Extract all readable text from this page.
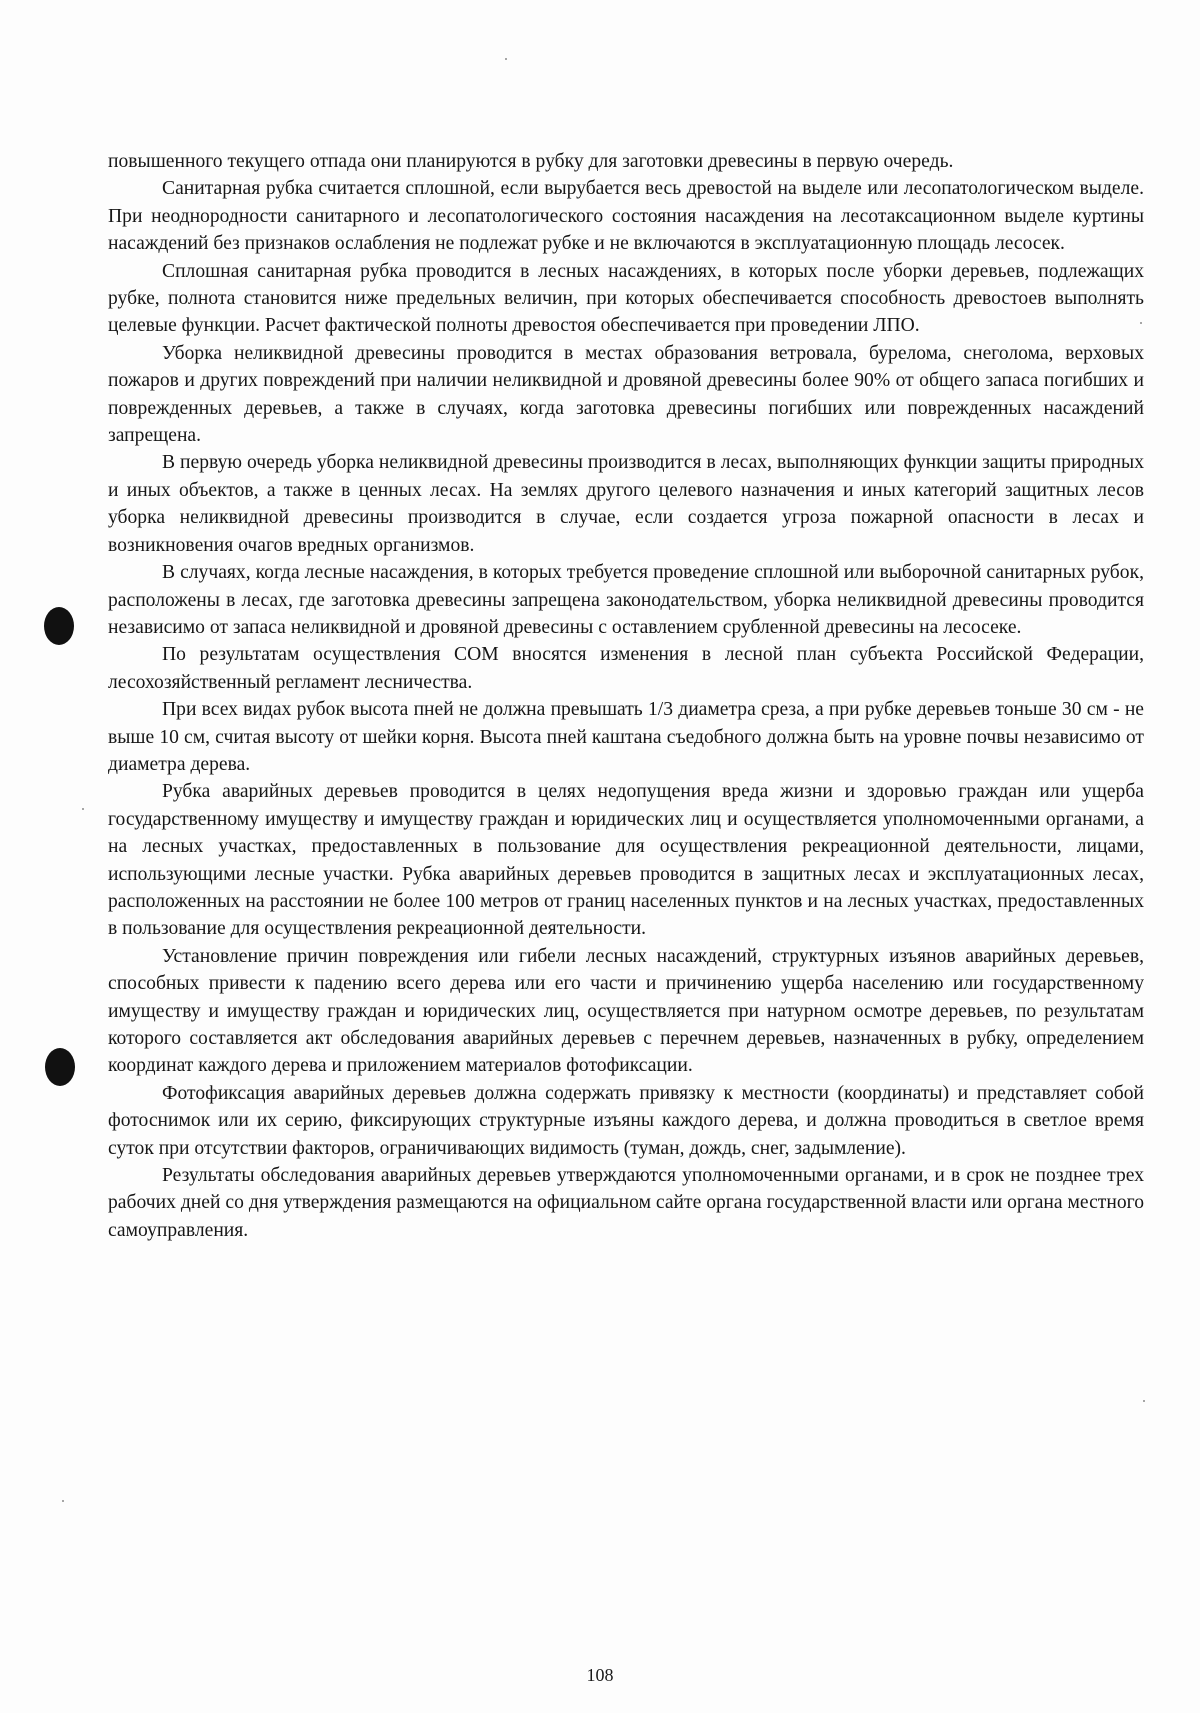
повышенного текущего отпада они планируются в рубку для заготовки древесины в первую очередь.

Санитарная рубка считается сплошной, если вырубается весь древостой на выделе или лесопатологическом выделе. При неоднородности санитарного и лесопатологического состояния насаждения на лесотаксационном выделе куртины насаждений без признаков ослабления не подлежат рубке и не включаются в эксплуатационную площадь лесосек.

Сплошная санитарная рубка проводится в лесных насаждениях, в которых после уборки деревьев, подлежащих рубке, полнота становится ниже предельных величин, при которых обеспечивается способность древостоев выполнять целевые функции. Расчет фактической полноты древостоя обеспечивается при проведении ЛПО.

Уборка неликвидной древесины проводится в местах образования ветровала, бурелома, снеголома, верховых пожаров и других повреждений при наличии неликвидной и дровяной древесины более 90% от общего запаса погибших и поврежденных деревьев, а также в случаях, когда заготовка древесины погибших или поврежденных насаждений запрещена.

В первую очередь уборка неликвидной древесины производится в лесах, выполняющих функции защиты природных и иных объектов, а также в ценных лесах. На землях другого целевого назначения и иных категорий защитных лесов уборка неликвидной древесины производится в случае, если создается угроза пожарной опасности в лесах и возникновения очагов вредных организмов.

В случаях, когда лесные насаждения, в которых требуется проведение сплошной или выборочной санитарных рубок, расположены в лесах, где заготовка древесины запрещена законодательством, уборка неликвидной древесины проводится независимо от запаса неликвидной и дровяной древесины с оставлением срубленной древесины на лесосеке.

По результатам осуществления СОМ вносятся изменения в лесной план субъекта Российской Федерации, лесохозяйственный регламент лесничества.

При всех видах рубок высота пней не должна превышать 1/3 диаметра среза, а при рубке деревьев тоньше 30 см - не выше 10 см, считая высоту от шейки корня. Высота пней каштана съедобного должна быть на уровне почвы независимо от диаметра дерева.

Рубка аварийных деревьев проводится в целях недопущения вреда жизни и здоровью граждан или ущерба государственному имуществу и имуществу граждан и юридических лиц и осуществляется уполномоченными органами, а на лесных участках, предоставленных в пользование для осуществления рекреационной деятельности, лицами, использующими лесные участки. Рубка аварийных деревьев проводится в защитных лесах и эксплуатационных лесах, расположенных на расстоянии не более 100 метров от границ населенных пунктов и на лесных участках, предоставленных в пользование для осуществления рекреационной деятельности.

Установление причин повреждения или гибели лесных насаждений, структурных изъянов аварийных деревьев, способных привести к падению всего дерева или его части и причинению ущерба населению или государственному имуществу и имуществу граждан и юридических лиц, осуществляется при натурном осмотре деревьев, по результатам которого составляется акт обследования аварийных деревьев с перечнем деревьев, назначенных в рубку, определением координат каждого дерева и приложением материалов фотофиксации.

Фотофиксация аварийных деревьев должна содержать привязку к местности (координаты) и представляет собой фотоснимок или их серию, фиксирующих структурные изъяны каждого дерева, и должна проводиться в светлое время суток при отсутствии факторов, ограничивающих видимость (туман, дождь, снег, задымление).

Результаты обследования аварийных деревьев утверждаются уполномоченными органами, и в срок не позднее трех рабочих дней со дня утверждения размещаются на официальном сайте органа государственной власти или органа местного самоуправления.

108
